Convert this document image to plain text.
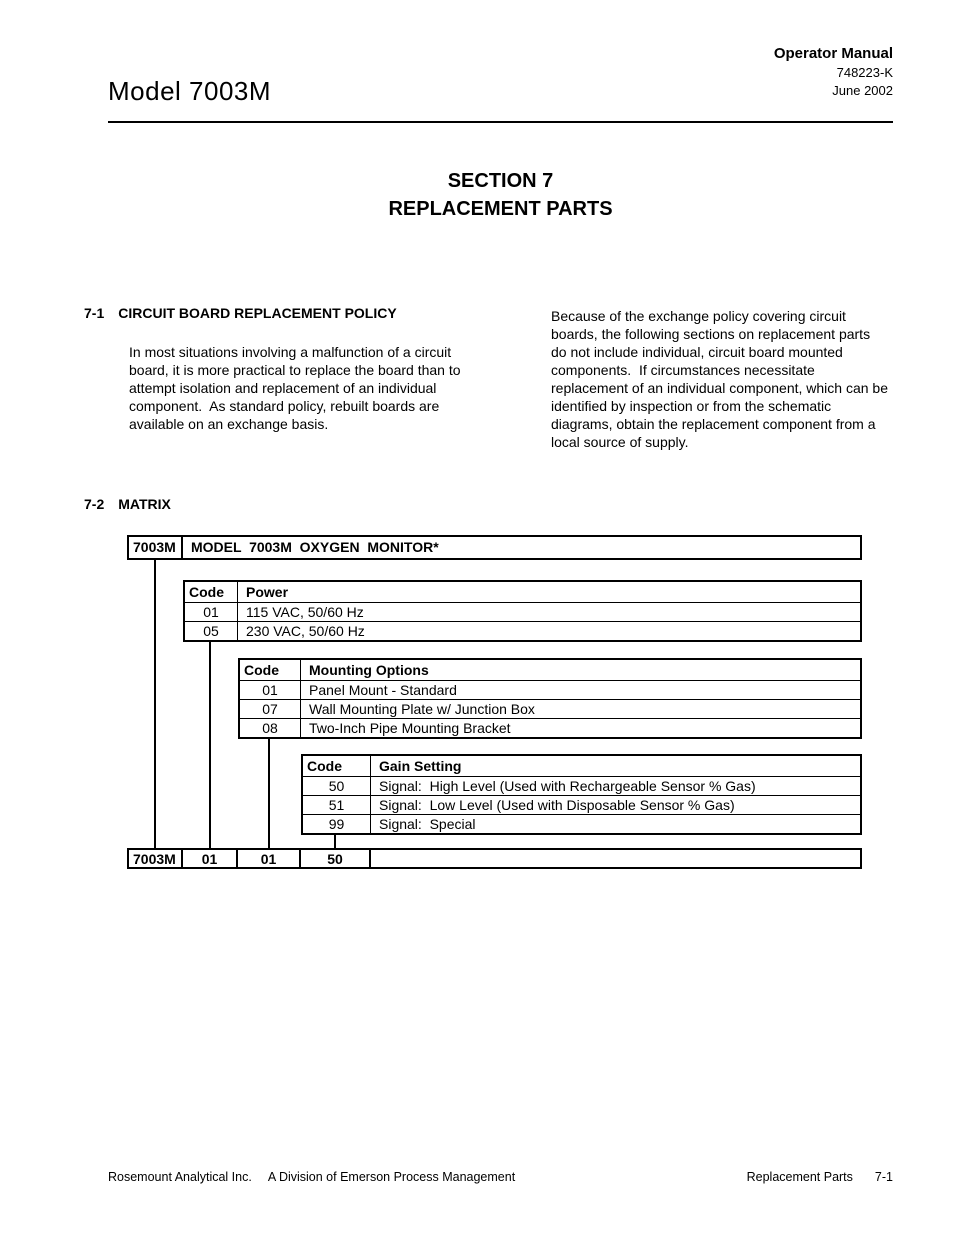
Operator Manual
748223-K
June 2002
Model 7003M
SECTION 7
REPLACEMENT PARTS
7-1 CIRCUIT BOARD REPLACEMENT POLICY
In most situations involving a malfunction of a circuit board, it is more practical to replace the board than to attempt isolation and replacement of an individual component.  As standard policy, rebuilt boards are available on an exchange basis.
Because of the exchange policy covering circuit boards, the following sections on replacement parts do not include individual, circuit board mounted components.  If circumstances necessitate replacement of an individual component, which can be identified by inspection or from the schematic diagrams, obtain the replacement component from a local source of supply.
7-2 MATRIX
7003M	MODEL  7003M  OXYGEN  MONITOR*
Code	Power
01	115 VAC, 50/60 Hz
05	230 VAC, 50/60 Hz
Code	Mounting Options
01	Panel Mount - Standard
07	Wall Mounting Plate w/ Junction Box
08	Two-Inch Pipe Mounting Bracket
Code	Gain Setting
50	Signal:  High Level (Used with Rechargeable Sensor % Gas)
51	Signal:  Low Level (Used with Disposable Sensor % Gas)
99	Signal:  Special
7003M	01	01	50
Rosemount Analytical Inc. A Division of Emerson Process Management	Replacement Parts 7-1
